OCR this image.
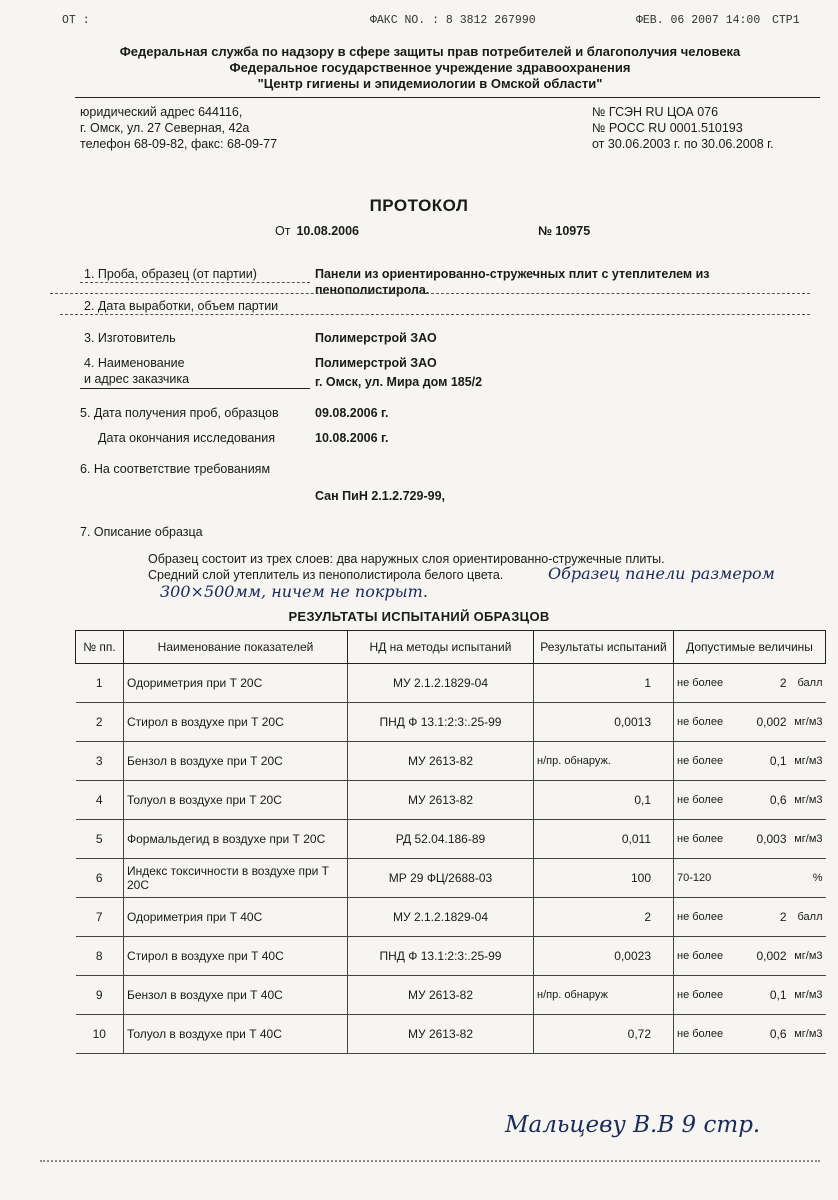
ОТ :	ФАКС NO. : 8 3812 267990	ФЕВ. 06 2007 14:00 СТР1
Федеральная служба по надзору в сфере защиты прав потребителей и благополучия человека
Федеральное государственное учреждение здравоохранения
"Центр гигиены и эпидемиологии в Омской области"
юридический адрес 644116,
г. Омск, ул. 27 Северная, 42а
телефон 68-09-82, факс: 68-09-77
№ ГСЭН RU ЦОА 076
№ РОСС RU 0001.510193
от 30.06.2003 г. по 30.06.2008 г.
ПРОТОКОЛ
От 10.08.2006	№ 10975
1. Проба, образец (от партии)	Панели из ориентированно-стружечных плит с утеплителем из
пенополистирола.
2. Дата выработки, объем партии
3. Изготовитель	Полимерстрой ЗАО
4. Наименование
и адрес заказчика
Полимерстрой ЗАО
г. Омск, ул. Мира дом 185/2
5. Дата получения проб, образцов	09.08.2006 г.
Дата окончания исследования	10.08.2006 г.
6. На соответствие требованиям
Сан ПиН 2.1.2.729-99,
7. Описание образца
Образец состоит из трех слоев: два наружных слоя ориентированно-стружечные плиты.
Средний слой утеплитель из пенополистирола белого цвета.	Образец панели размером
300×500мм, ничем не покрыт.
РЕЗУЛЬТАТЫ ИСПЫТАНИЙ ОБРАЗЦОВ
№ пп.	Наименование показателей	НД на методы испытаний	Результаты испытаний	Допустимые величины
1	Одориметрия при Т 20С	МУ 2.1.2.1829-04	1	не более 2 балл

2	Стирол в воздухе при Т 20С	ПНД Ф 13.1:2:3:.25-99	0,0013	не более 0,002 мг/м3

3	Бензол в воздухе при Т 20С	МУ 2613-82	н/пр. обнаруж.	не более 0,1 мг/м3

4	Толуол в воздухе при Т 20С	МУ 2613-82	0,1	не более 0,6 мг/м3

5	Формальдегид в воздухе при Т 20С	РД 52.04.186-89	0,011	не более 0,003 мг/м3

6	Индекс токсичности в воздухе при Т 20С	МР 29 ФЦ/2688-03	100	70-120 %

7	Одориметрия при Т 40С	МУ 2.1.2.1829-04	2	не более 2 балл

8	Стирол в воздухе при Т 40С	ПНД Ф 13.1:2:3:.25-99	0,0023	не более 0,002 мг/м3

9	Бензол в воздухе при Т 40С	МУ 2613-82	н/пр. обнаруж	не более 0,1 мг/м3

10	Толуол в воздухе при Т 40С	МУ 2613-82	0,72	не более 0,6 мг/м3
Мальцеву В.В 9 стр.
